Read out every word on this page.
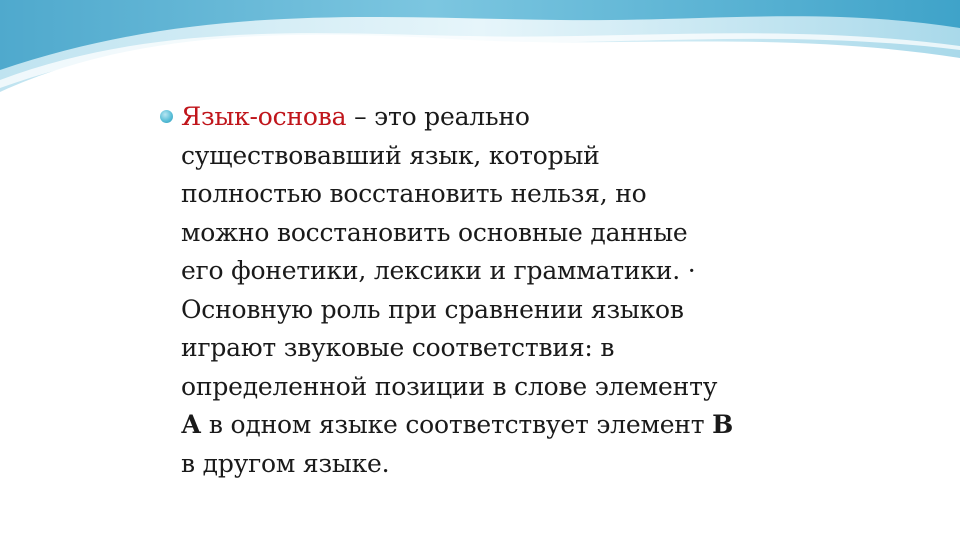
Язык-основа – это реально
существовавший язык, который
полностью восстановить нельзя, но
можно восстановить основные данные
его фонетики, лексики и грамматики. ·
Основную роль при сравнении языков
играют звуковые соответствия: в
определенной позиции в слове элементу
А в одном языке соответствует элемент В
в другом языке.
